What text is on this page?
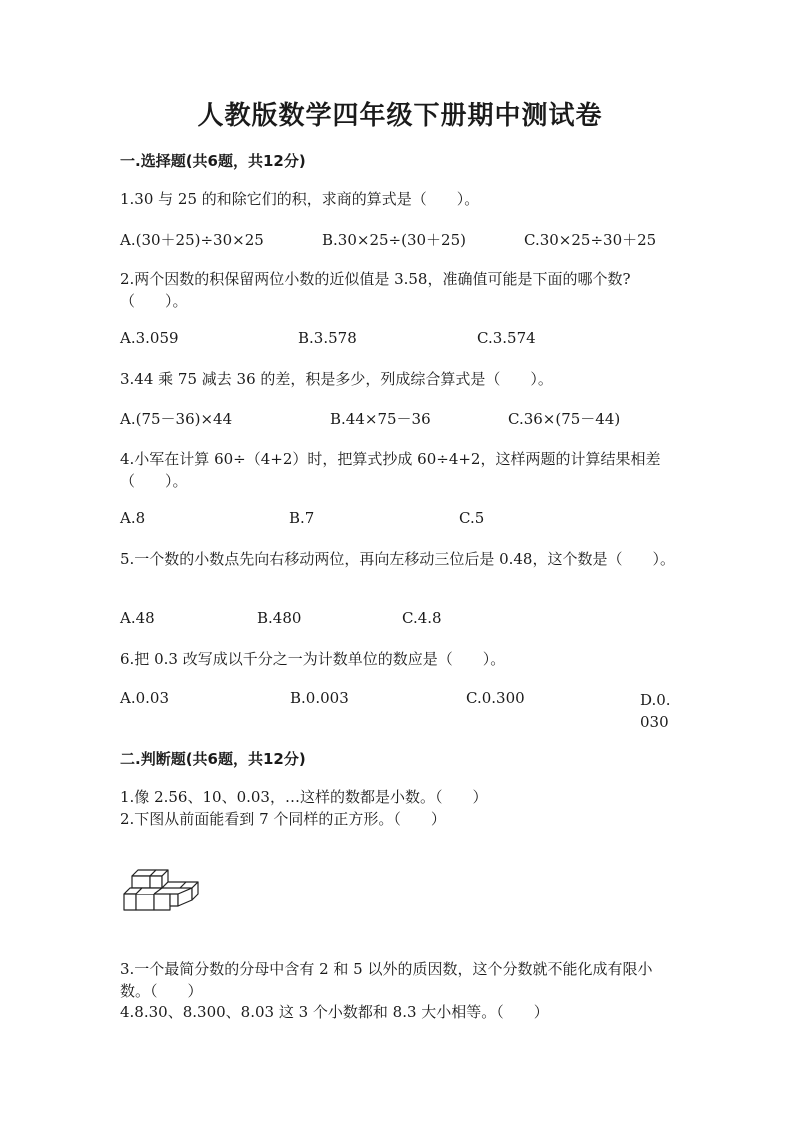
人教版数学四年级下册期中测试卷
一.选择题(共6题，共12分)
1.30 与 25 的和除它们的积，求商的算式是（　　）。
A.(30＋25)÷30×25	B.30×25÷(30＋25)	C.30×25÷30＋25
2.两个因数的积保留两位小数的近似值是 3.58，准确值可能是下面的哪个数?（　　）。
A.3.059	B.3.578	C.3.574
3.44 乘 75 减去 36 的差，积是多少，列成综合算式是（　　）。
A.(75－36)×44	B.44×75－36	C.36×(75－44)
4.小军在计算 60÷（4+2）时，把算式抄成 60÷4+2，这样两题的计算结果相差（　　）。
A.8	B.7	C.5
5.一个数的小数点先向右移动两位，再向左移动三位后是 0.48，这个数是（　　）。
A.48	B.480	C.4.8
6.把 0.3 改写成以千分之一为计数单位的数应是（　　）。
A.0.03	B.0.003	C.0.300	D.0.030
二.判断题(共6题，共12分)
1.像 2.56、10、0.03，…这样的数都是小数。（　　）
2.下图从前面能看到 7 个同样的正方形。（　　）
3.一个最简分数的分母中含有 2 和 5 以外的质因数，这个分数就不能化成有限小数。（　　）
4.8.30、8.300、8.03 这 3 个小数都和 8.3 大小相等。（　　）
